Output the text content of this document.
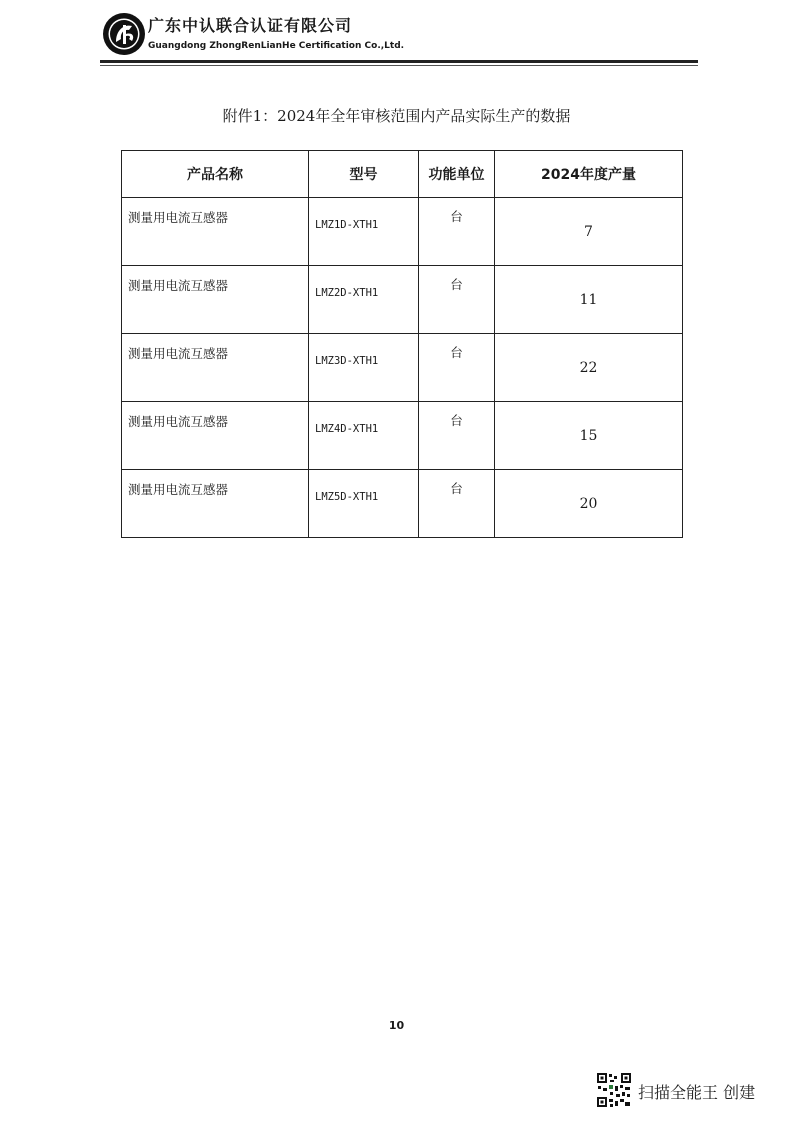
广东中认联合认证有限公司
Guangdong ZhongRenLianHe Certification Co.,Ltd.
附件1：2024年全年审核范围内产品实际生产的数据
产品名称	型号	功能单位	2024年度产量
测量用电流互感器	LMZ1D-XTH1	台	7
测量用电流互感器	LMZ2D-XTH1	台	11
测量用电流互感器	LMZ3D-XTH1	台	22
测量用电流互感器	LMZ4D-XTH1	台	15
测量用电流互感器	LMZ5D-XTH1	台	20
10
扫描全能王 创建
